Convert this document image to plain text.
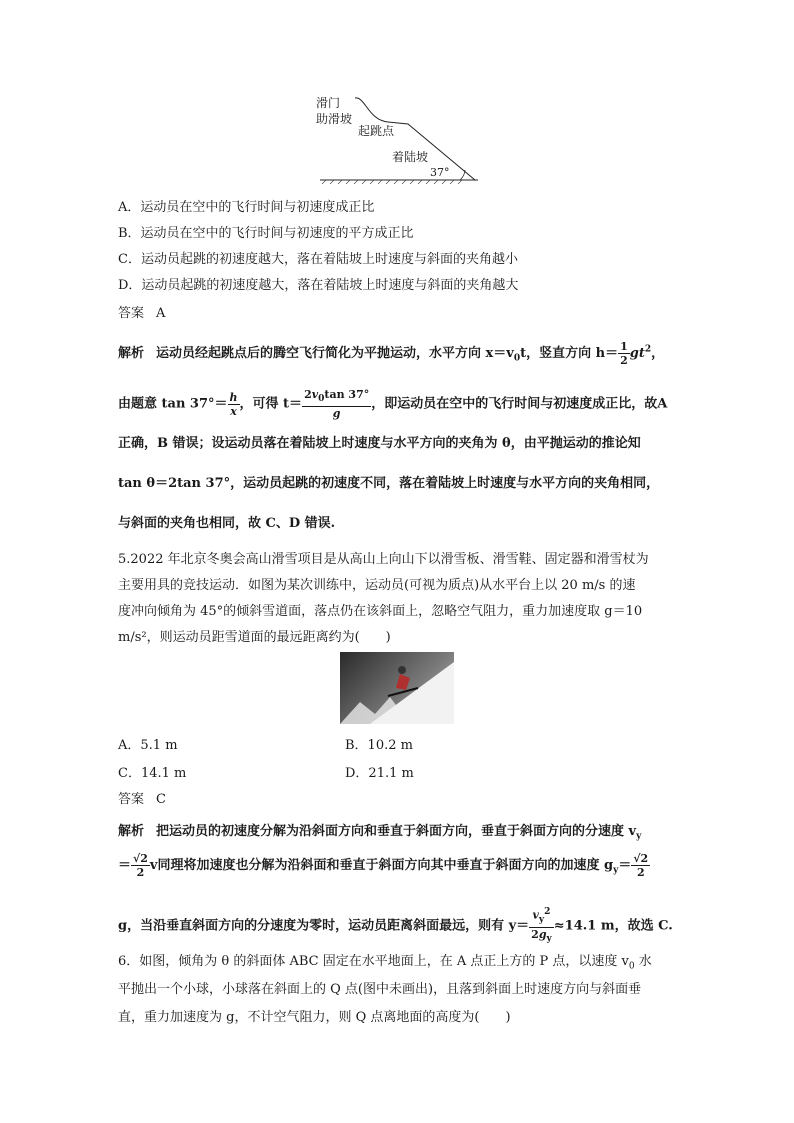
滑门
助滑坡
起跳点
着陆坡
37°
A．运动员在空中的飞行时间与初速度成正比
B．运动员在空中的飞行时间与初速度的平方成正比
C．运动员起跳的初速度越大，落在着陆坡上时速度与斜面的夹角越小
D．运动员起跳的初速度越大，落在着陆坡上时速度与斜面的夹角越大
答案 A
解析 运动员经起跳点后的腾空飞行简化为平抛运动，水平方向 $x=v_0t$，竖直方向 $h= \frac{1}{2} gt^2$，
由题意 $\tan 37^\circ= \frac{h}{x}$ ，可得 $t= \frac{2v_0\tan 37^\circ}{g}$ ，即运动员在空中的飞行时间与初速度成正比，故A
正确，B 错误；设运动员落在着陆坡上时速度与水平方向的夹角为 θ，由平抛运动的推论知
tan θ＝2tan 37°，运动员起跳的初速度不同，落在着陆坡上时速度与水平方向的夹角相同，
与斜面的夹角也相同，故 C、D 错误.
5.2022 年北京冬奥会高山滑雪项目是从高山上向山下以滑雪板、滑雪鞋、固定器和滑雪杖为
主要用具的竞技运动．如图为某次训练中，运动员(可视为质点)从水平台上以 20 m/s 的速
度冲向倾角为 45°的倾斜雪道面，落点仍在该斜面上，忽略空气阻力，重力加速度取 g＝10
m/s²，则运动员距雪道面的最远距离约为(　　)
A．5.1 m	B．10.2 m
C．14.1 m	D．21.1 m
答案 C
解析 把运动员的初速度分解为沿斜面方向和垂直于斜面方向，垂直于斜面方向的分速度 $v_y$
＝ $\frac{√2}{2}$ v同理将加速度也分解为沿斜面和垂直于斜面方向其中垂直于斜面方向的加速度 $g_y= \frac{√2}{2}$
g，当沿垂直斜面方向的分速度为零时，运动员距离斜面最远，则有 $y= \frac{v_y^2}{2g_y} \approx 14.1$ m，故选 C.
6．如图，倾角为 θ 的斜面体 ABC 固定在水平地面上，在 A 点正上方的 P 点，以速度 $v_0$ 水
平抛出一个小球，小球落在斜面上的 Q 点(图中未画出)，且落到斜面上时速度方向与斜面垂
直，重力加速度为 g，不计空气阻力，则 Q 点离地面的高度为(　　)
